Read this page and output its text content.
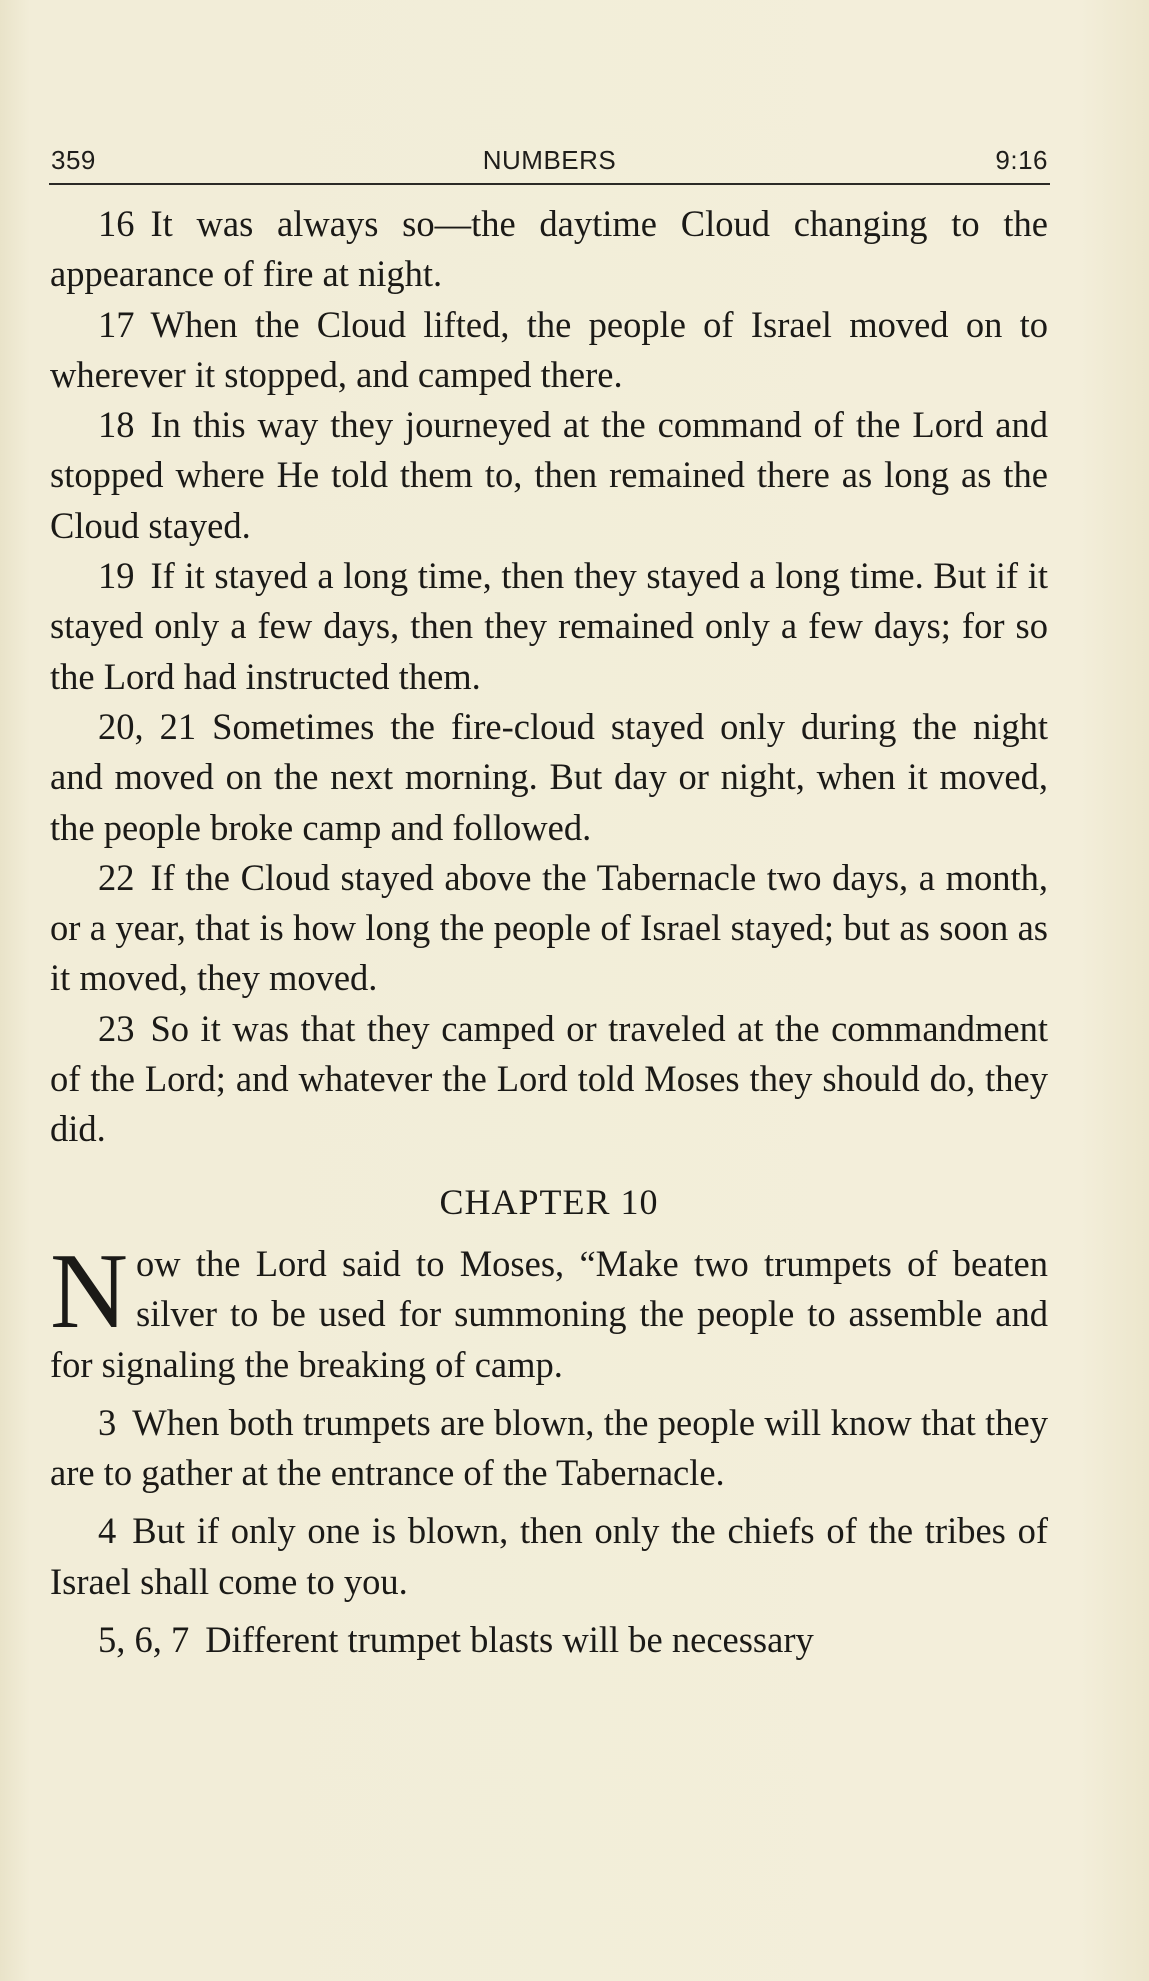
359	NUMBERS	9:16

16 It was always so—the daytime Cloud changing to the appearance of fire at night.

17 When the Cloud lifted, the people of Israel moved on to wherever it stopped, and camped there.

18 In this way they journeyed at the command of the Lord and stopped where He told them to, then remained there as long as the Cloud stayed.

19 If it stayed a long time, then they stayed a long time. But if it stayed only a few days, then they remained only a few days; for so the Lord had instructed them.

20, 21 Sometimes the fire-cloud stayed only during the night and moved on the next morning. But day or night, when it moved, the people broke camp and followed.

22 If the Cloud stayed above the Tabernacle two days, a month, or a year, that is how long the people of Israel stayed; but as soon as it moved, they moved.

23 So it was that they camped or traveled at the commandment of the Lord; and whatever the Lord told Moses they should do, they did.

CHAPTER 10

Now the Lord said to Moses, “Make two trumpets of beaten silver to be used for summoning the people to assemble and for signaling the breaking of camp.

3 When both trumpets are blown, the people will know that they are to gather at the entrance of the Tabernacle.

4 But if only one is blown, then only the chiefs of the tribes of Israel shall come to you.

5, 6, 7 Different trumpet blasts will be necessary
